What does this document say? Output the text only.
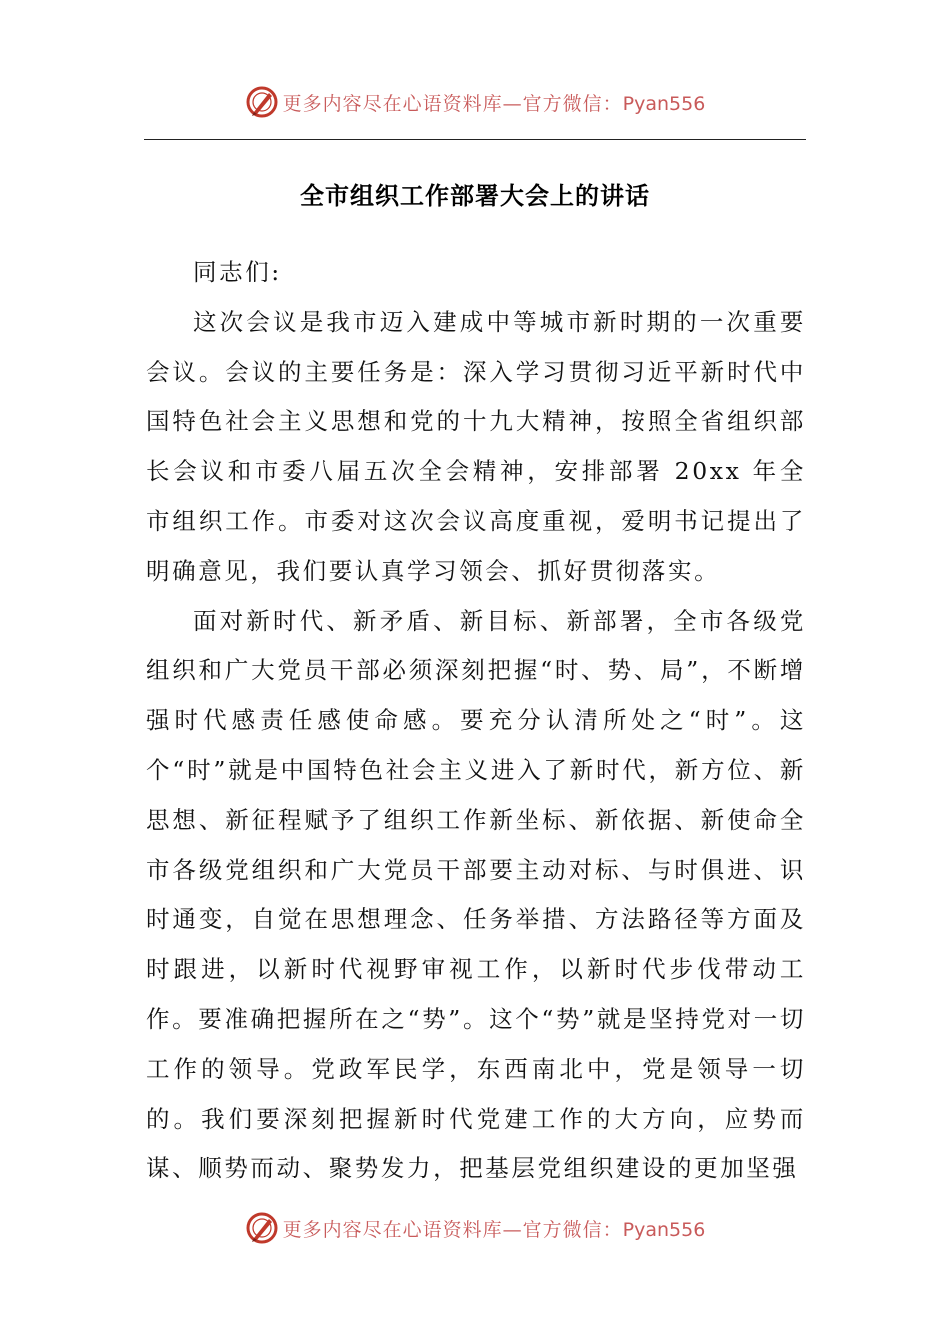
更多内容尽在心语资料库—官方微信：Pyan556
全市组织工作部署大会上的讲话

同志们:

这次会议是我市迈入建成中等城市新时期的一次重要会议。会议的主要任务是：深入学习贯彻习近平新时代中国特色社会主义思想和党的十九大精神，按照全省组织部长会议和市委八届五次全会精神，安排部署 20xx 年全市组织工作。市委对这次会议高度重视，爱明书记提出了明确意见，我们要认真学习领会、抓好贯彻落实。

面对新时代、新矛盾、新目标、新部署，全市各级党组织和广大党员干部必须深刻把握“时、势、局”，不断增强时代感责任感使命感。要充分认清所处之“时”。这个“时”就是中国特色社会主义进入了新时代，新方位、新思想、新征程赋予了组织工作新坐标、新依据、新使命全市各级党组织和广大党员干部要主动对标、与时俱进、识时通变，自觉在思想理念、任务举措、方法路径等方面及时跟进，以新时代视野审视工作，以新时代步伐带动工作。要准确把握所在之“势”。这个“势”就是坚持党对一切工作的领导。党政军民学，东西南北中，党是领导一切的。我们要深刻把握新时代党建工作的大方向，应势而谋、顺势而动、聚势发力，把基层党组织建设的更加坚强

更多内容尽在心语资料库—官方微信：Pyan556
